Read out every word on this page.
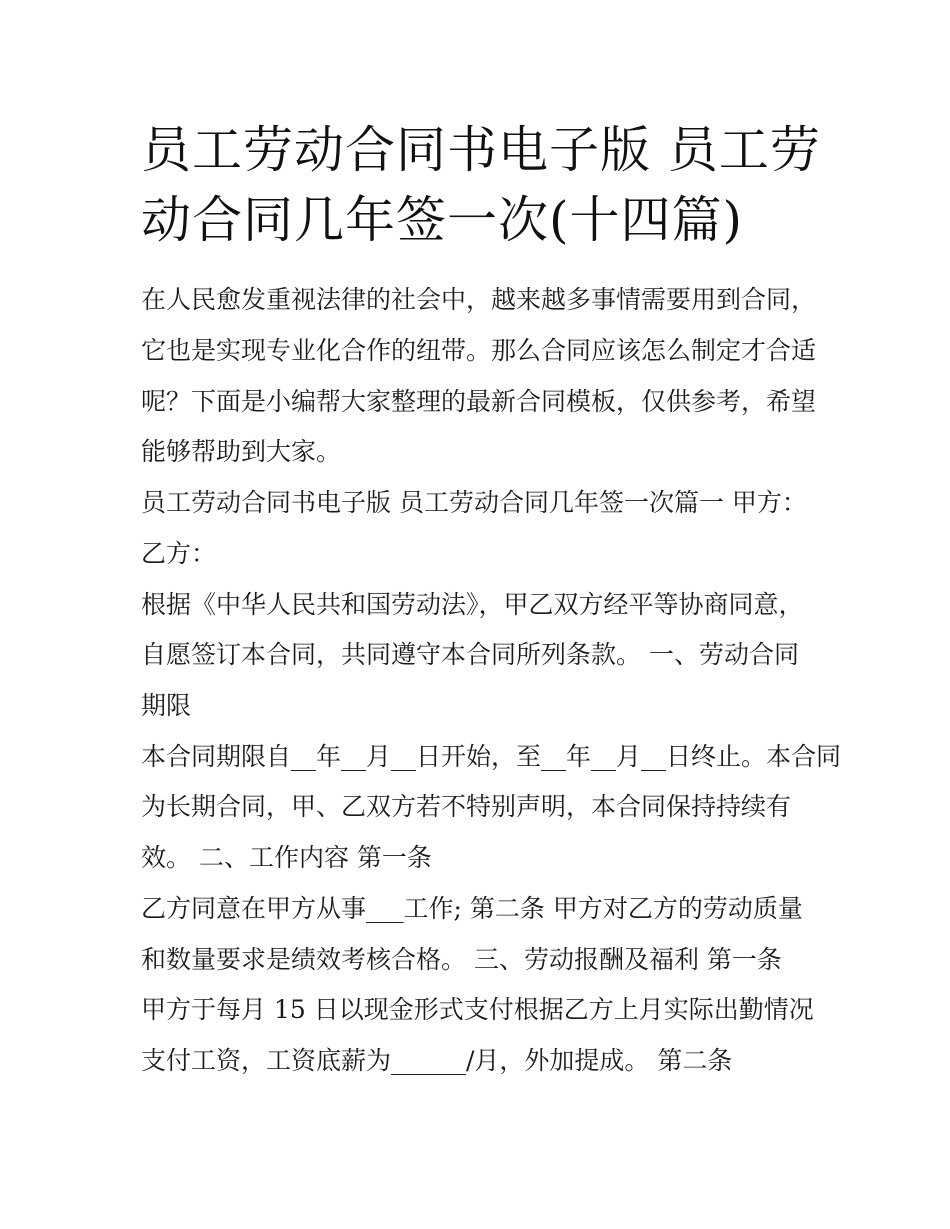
员工劳动合同书电子版 员工劳动合同几年签一次(十四篇)

在人民愈发重视法律的社会中，越来越多事情需要用到合同，

它也是实现专业化合作的纽带。那么合同应该怎么制定才合适

呢？下面是小编帮大家整理的最新合同模板，仅供参考，希望

能够帮助到大家。

员工劳动合同书电子版 员工劳动合同几年签一次篇一 甲方：

乙方：

根据《中华人民共和国劳动法》，甲乙双方经平等协商同意，

自愿签订本合同，共同遵守本合同所列条款。 一、劳动合同

期限

本合同期限自__年__月__日开始，至__年__月__日终止。本合同

为长期合同，甲、乙双方若不特别声明，本合同保持持续有

效。 二、工作内容 第一条

乙方同意在甲方从事___工作; 第二条 甲方对乙方的劳动质量

和数量要求是绩效考核合格。 三、劳动报酬及福利 第一条

甲方于每月 15 日以现金形式支付根据乙方上月实际出勤情况

支付工资，工资底薪为______/月，外加提成。 第二条
